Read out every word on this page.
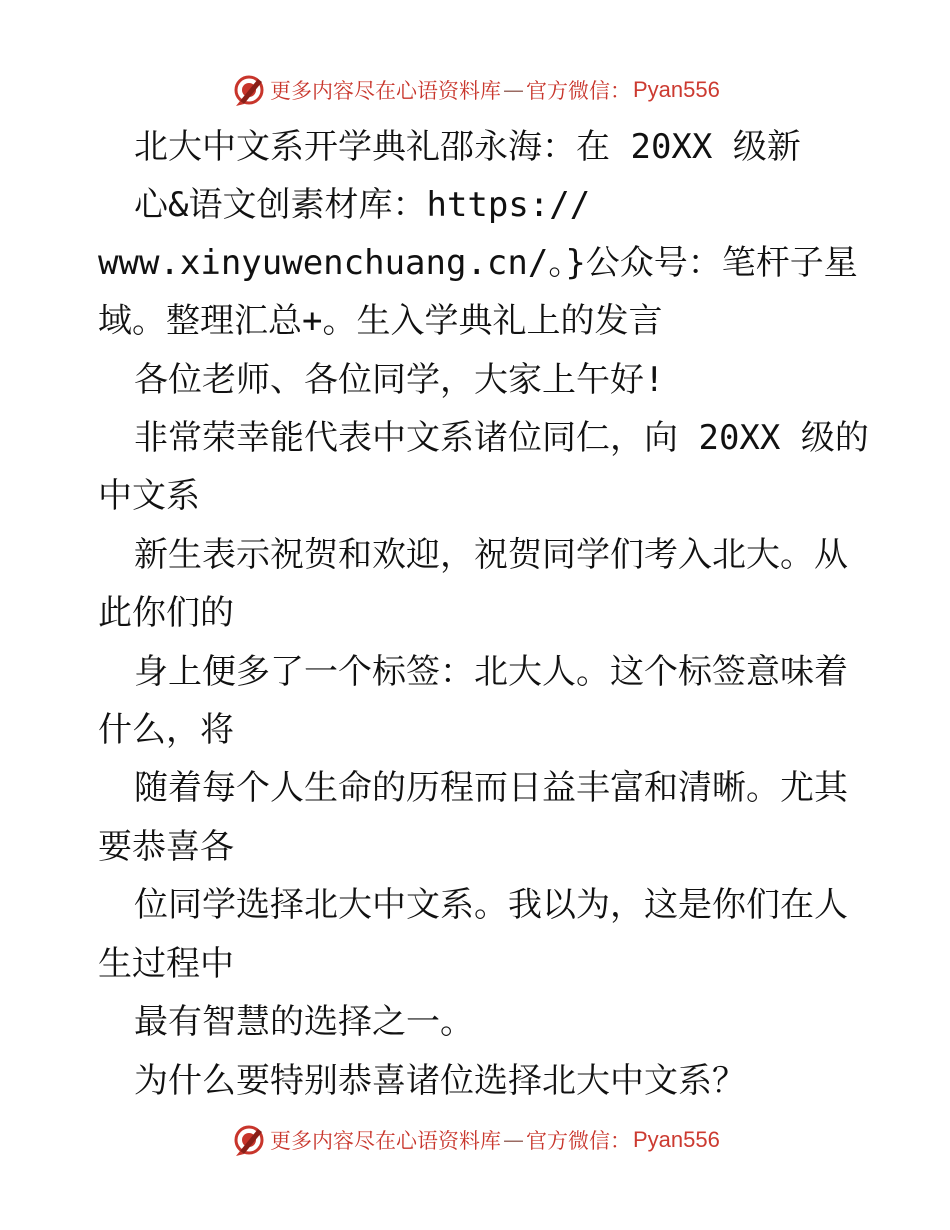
更多内容尽在心语资料库 — 官方微信： Pyan556
北大中文系开学典礼邵永海：在 20XX 级新
心&语文创素材库：https://
www.xinyuwenchuang.cn/。}公众号：笔杆子星
域。整理汇总+。生入学典礼上的发言
各位老师、各位同学，大家上午好!
非常荣幸能代表中文系诸位同仁，向 20XX 级的
中文系
新生表示祝贺和欢迎，祝贺同学们考入北大。从
此你们的
身上便多了一个标签：北大人。这个标签意味着
什么，将
随着每个人生命的历程而日益丰富和清晰。尤其
要恭喜各
位同学选择北大中文系。我以为，这是你们在人
生过程中
最有智慧的选择之一。
为什么要特别恭喜诸位选择北大中文系？
更多内容尽在心语资料库 — 官方微信： Pyan556
